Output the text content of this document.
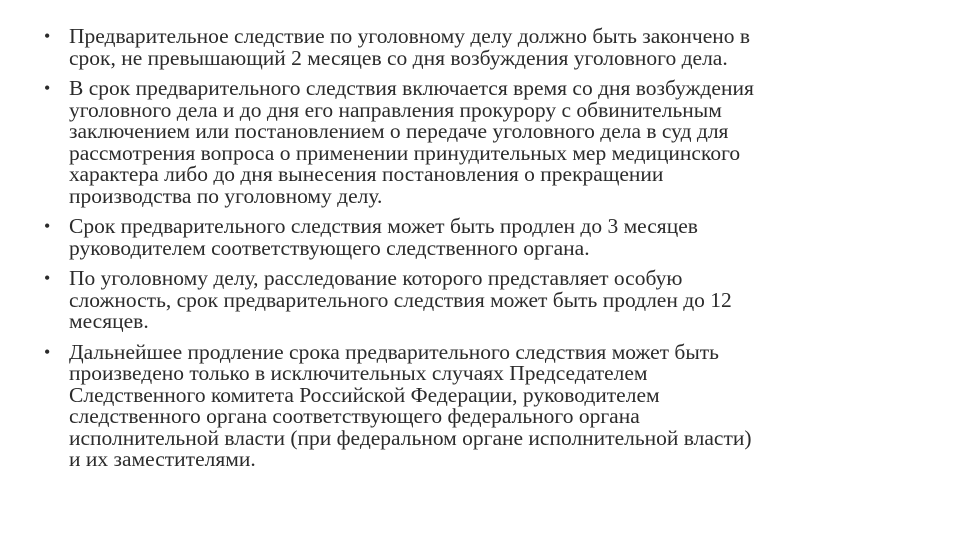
• Предварительное следствие по уголовному делу должно быть закончено в
срок, не превышающий 2 месяцев со дня возбуждения уголовного дела.
• В срок предварительного следствия включается время со дня возбуждения
уголовного дела и до дня его направления прокурору с обвинительным
заключением или постановлением о передаче уголовного дела в суд для
рассмотрения вопроса о применении принудительных мер медицинского
характера либо до дня вынесения постановления о прекращении
производства по уголовному делу.
• Срок предварительного следствия может быть продлен до 3 месяцев
руководителем соответствующего следственного органа.
• По уголовному делу, расследование которого представляет особую
сложность, срок предварительного следствия может быть продлен до 12
месяцев.
• Дальнейшее продление срока предварительного следствия может быть
произведено только в исключительных случаях Председателем
Следственного комитета Российской Федерации, руководителем
следственного органа соответствующего федерального органа
исполнительной власти (при федеральном органе исполнительной власти)
и их заместителями.
